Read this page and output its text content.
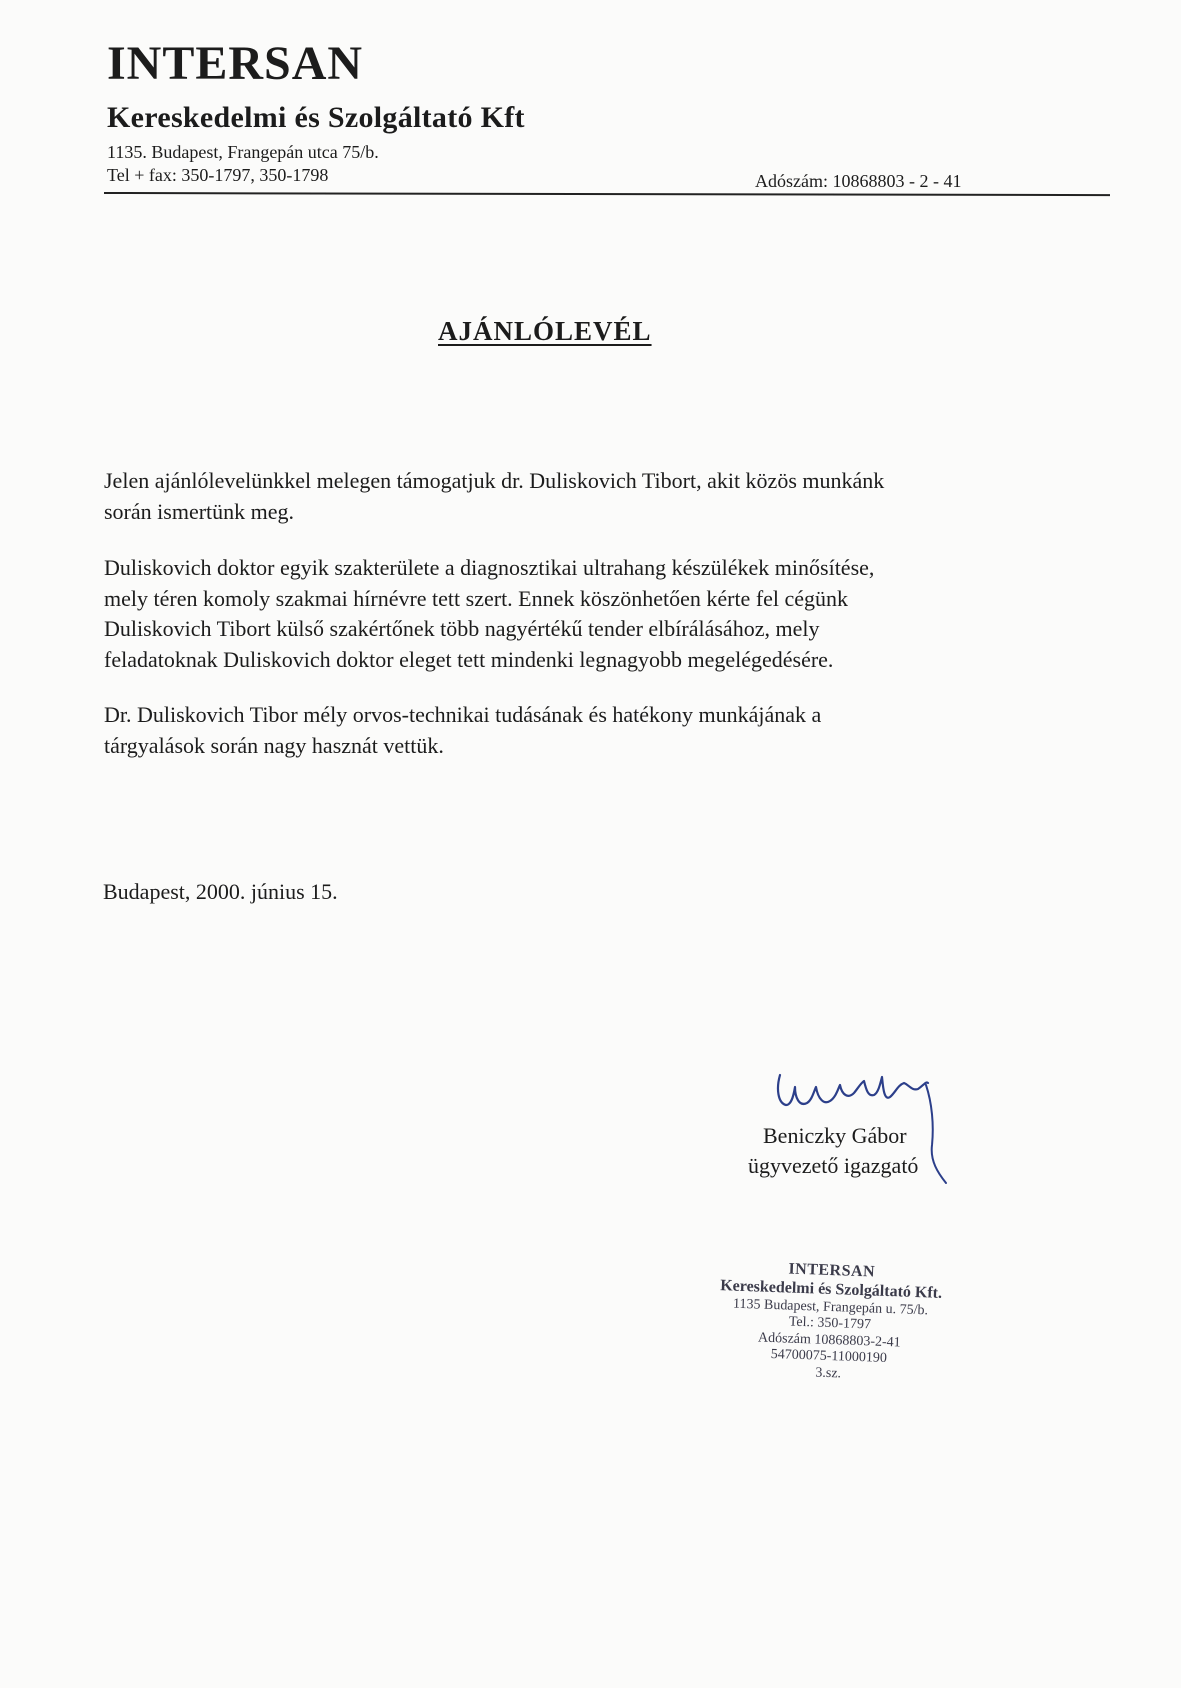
INTERSAN
Kereskedelmi és Szolgáltató Kft
1135. Budapest, Frangepán utca 75/b.
Tel + fax: 350-1797, 350-1798	Adószám: 10868803 - 2 - 41
AJÁNLÓLEVÉL
Jelen ajánlólevelünkkel melegen támogatjuk dr. Duliskovich Tibort, akit közös munkánk
során ismertünk meg.
Duliskovich doktor egyik szakterülete a diagnosztikai ultrahang készülékek minősítése,
mely téren komoly szakmai hírnévre tett szert. Ennek köszönhetően kérte fel cégünk
Duliskovich Tibort külső szakértőnek több nagyértékű tender elbírálásához, mely
feladatoknak Duliskovich doktor eleget tett mindenki legnagyobb megelégedésére.
Dr. Duliskovich Tibor mély orvos-technikai tudásának és hatékony munkájának a
tárgyalások során nagy hasznát vettük.
Budapest, 2000. június 15.
Beniczky Gábor
ügyvezető igazgató
INTERSAN
Kereskedelmi és Szolgáltató Kft.
1135 Budapest, Frangepán u. 75/b.
Tel.: 350-1797
Adószám 10868803-2-41
54700075-11000190
3.sz.
